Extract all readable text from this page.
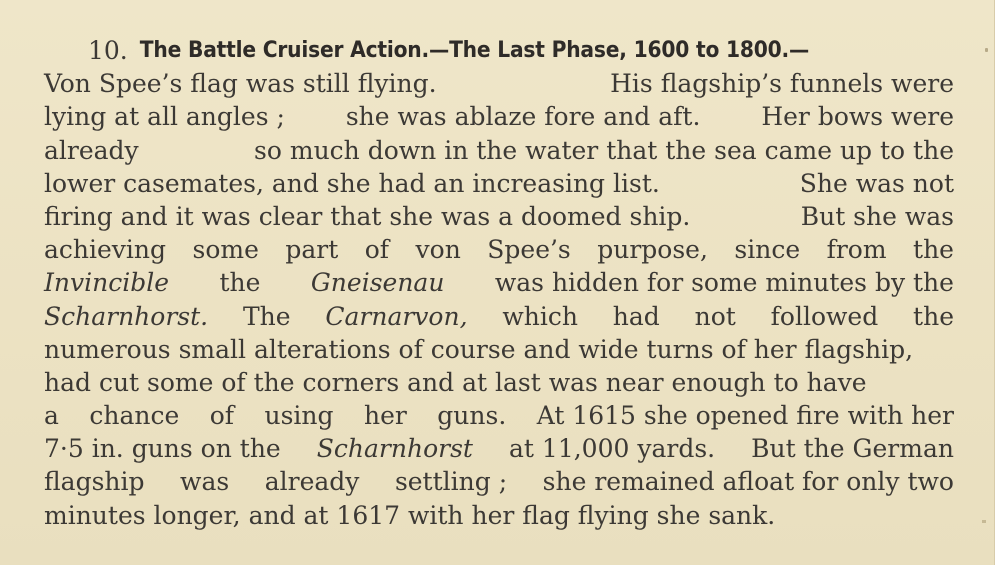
10. The Battle Cruiser Action. — The Last Phase, 1600 to 1800. —
Von Spee’s flag was still flying.	His flagship’s funnels were
lying at all angles ; she was ablaze fore and aft. Her bows were
already	so much down in the water that the sea came up to the
lower casemates, and she had an increasing list.	She was not
firing and it was clear that she was a doomed ship.	But she was
achieving some part of von Spee’s purpose, since from the
Invincible the Gneisenau was hidden for some minutes by the
Scharnhorst. The Carnarvon, which had not followed the
numerous small alterations of course and wide turns of her flagship,
had cut some of the corners and at last was near enough to have
a chance of using her guns. At 1615 she opened fire with her
7·5 in. guns on the Scharnhorst at 11,000 yards. But the German
flagship was already settling ; she remained afloat for only two
minutes longer, and at 1617 with her flag flying she sank.
